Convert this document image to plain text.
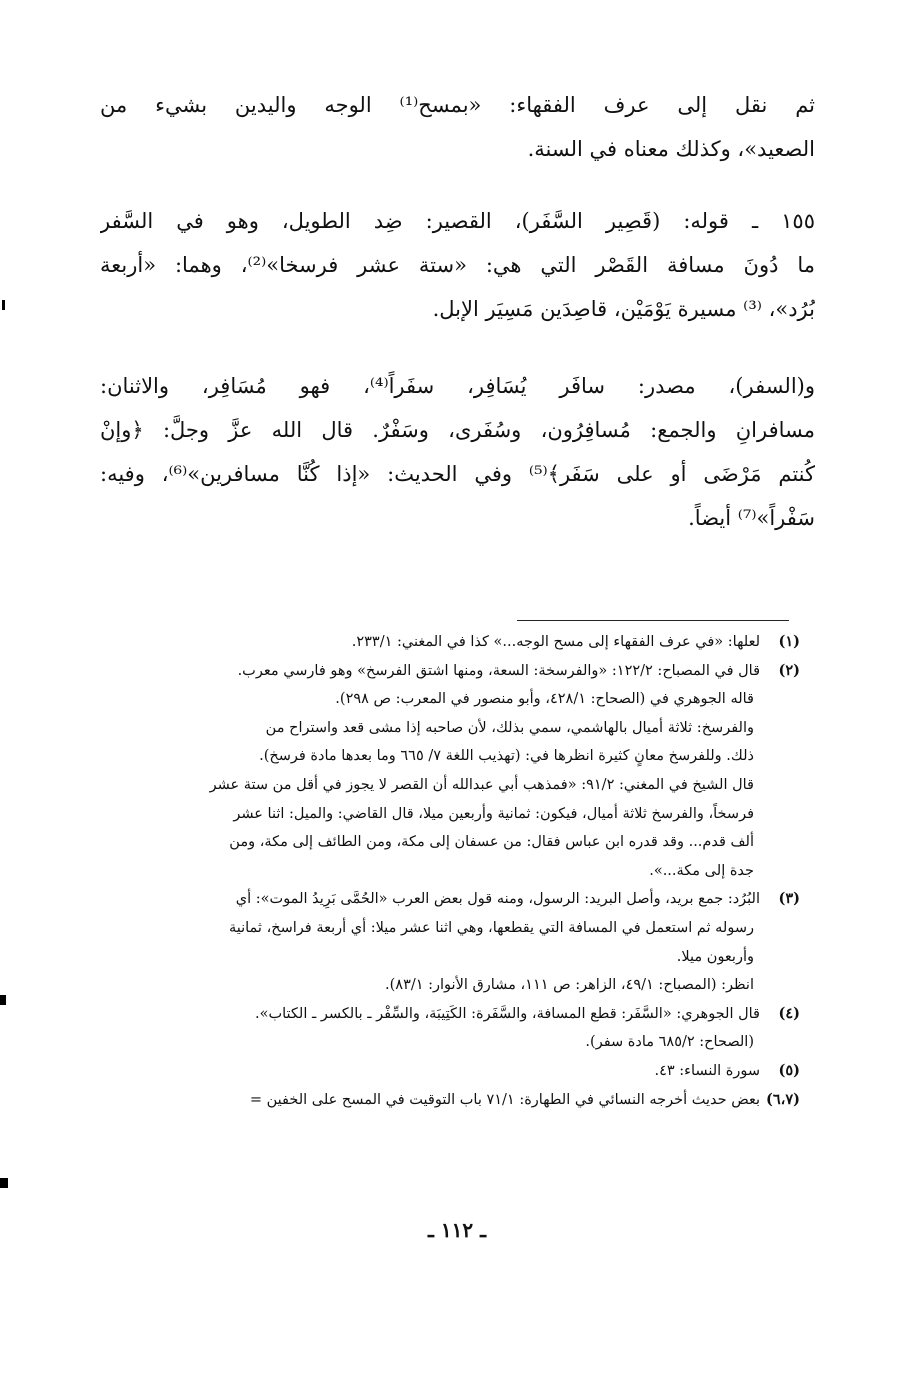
ثم نقل إلى عرف الفقهاء: «بمسح⁽¹⁾ الوجه واليدين بشيء من
الصعيد»، وكذلك معناه في السنة.
١٥٥ ـ قوله: (قَصِير السَّفَر)، القصير: ضِد الطويل، وهو في السَّفر
ما دُونَ مسافة القَصْر التي هي: «ستة عشر فرسخا»⁽²⁾، وهما: «أربعة
بُرُد»، ⁽³⁾ مسيرة يَوْمَيْن، قاصِدَين مَسِيَر الإبل.
و(السفر)، مصدر: سافَر يُسَافِر، سفَراً⁽⁴⁾، فهو مُسَافِر، والاثنان:
مسافرانِ والجمع: مُسافِرُون، وسُفَرى، وسَفْرٌ. قال الله عزَّ وجلَّ: ﴿وإنْ
كُنتم مَرْضَى أو على سَفَر﴾⁽⁵⁾ وفي الحديث: «إذا كُنَّا مسافرين»⁽⁶⁾، وفيه:
سَفْراً»⁽⁷⁾ أيضاً.
(١)لعلها: «في عرف الفقهاء إلى مسح الوجه...» كذا في المغني: ٢٣٣/١.
(٢)قال في المصباح: ١٢٢/٢: «والفرسخة: السعة، ومنها اشتق الفرسخ» وهو فارسي معرب.
قاله الجوهري في (الصحاح: ٤٢٨/١، وأبو منصور في المعرب: ص ٢٩٨).
والفرسخ: ثلاثة أميال بالهاشمي، سمي بذلك، لأن صاحبه إذا مشى قعد واستراح من
ذلك. وللفرسخ معانٍ كثيرة انظرها في: (تهذيب اللغة ٧/ ٦٦٥ وما بعدها مادة فرسخ).
قال الشيخ في المغني: ٩١/٢: «فمذهب أبي عبدالله أن القصر لا يجوز في أقل من ستة عشر
فرسخاً، والفرسخ ثلاثة أميال، فيكون: ثمانية وأربعين ميلا، قال القاضي: والميل: اثنا عشر
ألف قدم... وقد قدره ابن عباس فقال: من عسفان إلى مكة، ومن الطائف إلى مكة، ومن
جدة إلى مكة...».
(٣)البُرُد: جمع بريد، وأصل البريد: الرسول، ومنه قول بعض العرب «الحُمَّى بَرِيدُ الموت»: أي
رسوله ثم استعمل في المسافة التي يقطعها، وهي اثنا عشر ميلا: أي أربعة فراسخ، ثمانية
وأربعون ميلا.
انظر: (المصباح: ٤٩/١، الزاهر: ص ١١١، مشارق الأنوار: ٨٣/١).
(٤)قال الجوهري: «السَّفَر: قطع المسافة، والسَّفَرة: الكَتِيبَة، والسِّفْر ـ بالكسر ـ الكتاب».
(الصحاح: ٦٨٥/٢ مادة سفر).
(٥)سورة النساء: ٤٣.
(٦،٧)بعض حديث أخرجه النسائي في الطهارة: ٧١/١ باب التوقيت في المسح على الخفين =
ـ ١١٢ ـ
